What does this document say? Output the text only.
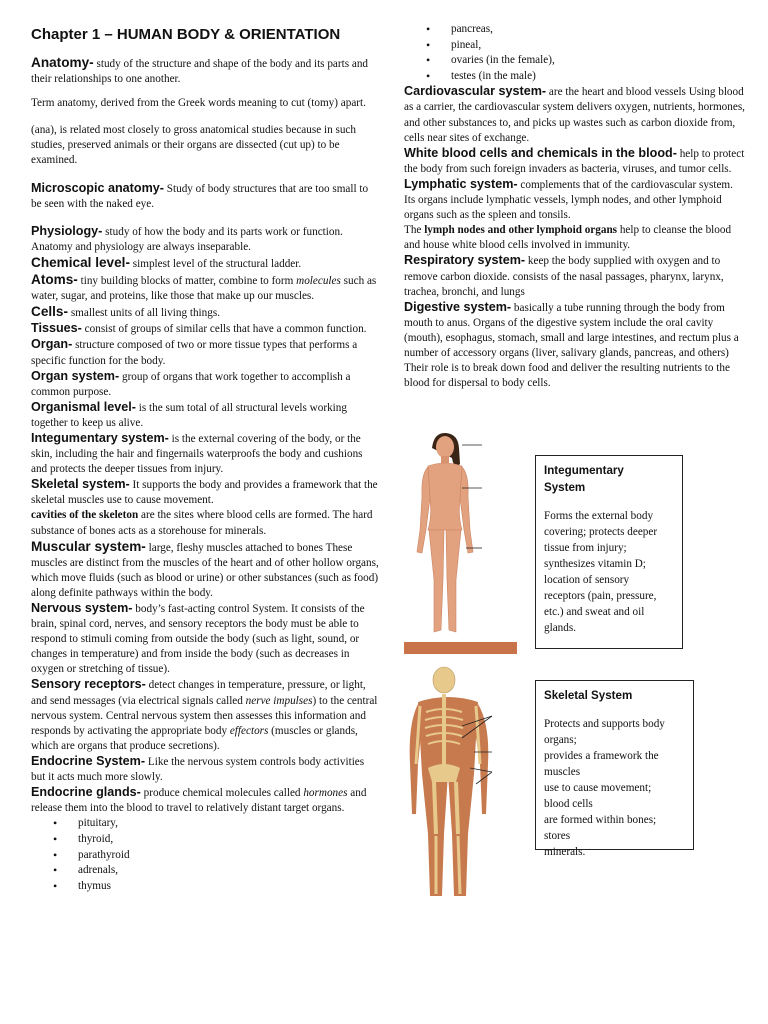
Chapter 1 – HUMAN BODY & ORIENTATION

Anatomy- study of the structure and shape of the body and its parts and their relationships to one another.

Term anatomy, derived from the Greek words meaning to cut (tomy) apart.

(ana), is related most closely to gross anatomical studies because in such studies, preserved animals or their organs are dissected (cut up) to be examined.

Microscopic anatomy- Study of body structures that are too small to be seen with the naked eye.

Physiology- study of how the body and its parts work or function. Anatomy and physiology are always inseparable.

Chemical level- simplest level of the structural ladder.

Atoms- tiny building blocks of matter, combine to form molecules such as water, sugar, and proteins, like those that make up our muscles.

Cells- smallest units of all living things.

Tissues- consist of groups of similar cells that have a common function.

Organ- structure composed of two or more tissue types that performs a specific function for the body.

Organ system- group of organs that work together to accomplish a common purpose.

Organismal level- is the sum total of all structural levels working together to keep us alive.

Integumentary system- is the external covering of the body, or the skin, including the hair and fingernails waterproofs the body and cushions and protects the deeper tissues from injury.

Skeletal system- It supports the body and provides a framework that the skeletal muscles use to cause movement.

cavities of the skeleton are the sites where blood cells are formed. The hard substance of bones acts as a storehouse for minerals.

Muscular system- large, fleshy muscles attached to bones These muscles are distinct from the muscles of the heart and of other hollow organs, which move fluids (such as blood or urine) or other substances (such as food) along definite pathways within the body.

Nervous system- body’s fast-acting control System. It consists of the brain, spinal cord, nerves, and sensory receptors the body must be able to respond to stimuli coming from outside the body (such as light, sound, or changes in temperature) and from inside the body (such as decreases in oxygen or stretching of tissue).

Sensory receptors- detect changes in temperature, pressure, or light, and send messages (via electrical signals called nerve impulses) to the central nervous system. Central nervous system then assesses this information and responds by activating the appropriate body effectors (muscles or glands, which are organs that produce secretions).

Endocrine System- Like the nervous system controls body activities but it acts much more slowly.

Endocrine glands- produce chemical molecules called hormones and release them into the blood to travel to relatively distant target organs.

• pituitary,
• thyroid,
• parathyroid
• adrenals,
• thymus
• pancreas,
• pineal,
• ovaries (in the female),
• testes (in the male)

Cardiovascular system- are the heart and blood vessels Using blood as a carrier, the cardiovascular system delivers oxygen, nutrients, hormones, and other substances to, and picks up wastes such as carbon dioxide from, cells near sites of exchange.

White blood cells and chemicals in the blood- help to protect the body from such foreign invaders as bacteria, viruses, and tumor cells.

Lymphatic system- complements that of the cardiovascular system. Its organs include lymphatic vessels, lymph nodes, and other lymphoid organs such as the spleen and tonsils.

The lymph nodes and other lymphoid organs help to cleanse the blood and house white blood cells involved in immunity.

Respiratory system- keep the body supplied with oxygen and to remove carbon dioxide. consists of the nasal passages, pharynx, larynx, trachea, bronchi, and lungs

Digestive system- basically a tube running through the body from mouth to anus. Organs of the digestive system include the oral cavity (mouth), esophagus, stomach, small and large intestines, and rectum plus a number of accessory organs (liver, salivary glands, pancreas, and others) Their role is to break down food and deliver the resulting nutrients to the blood for dispersal to body cells.

Integumentary
System
Forms the external body
covering; protects deeper
tissue from injury;
synthesizes vitamin D;
location of sensory
receptors (pain, pressure,
etc.) and sweat and oil
glands.
Skeletal System
Protects and supports body
organs;
provides a framework the
muscles
use to cause movement;
blood cells
are formed within bones;
stores
minerals.
